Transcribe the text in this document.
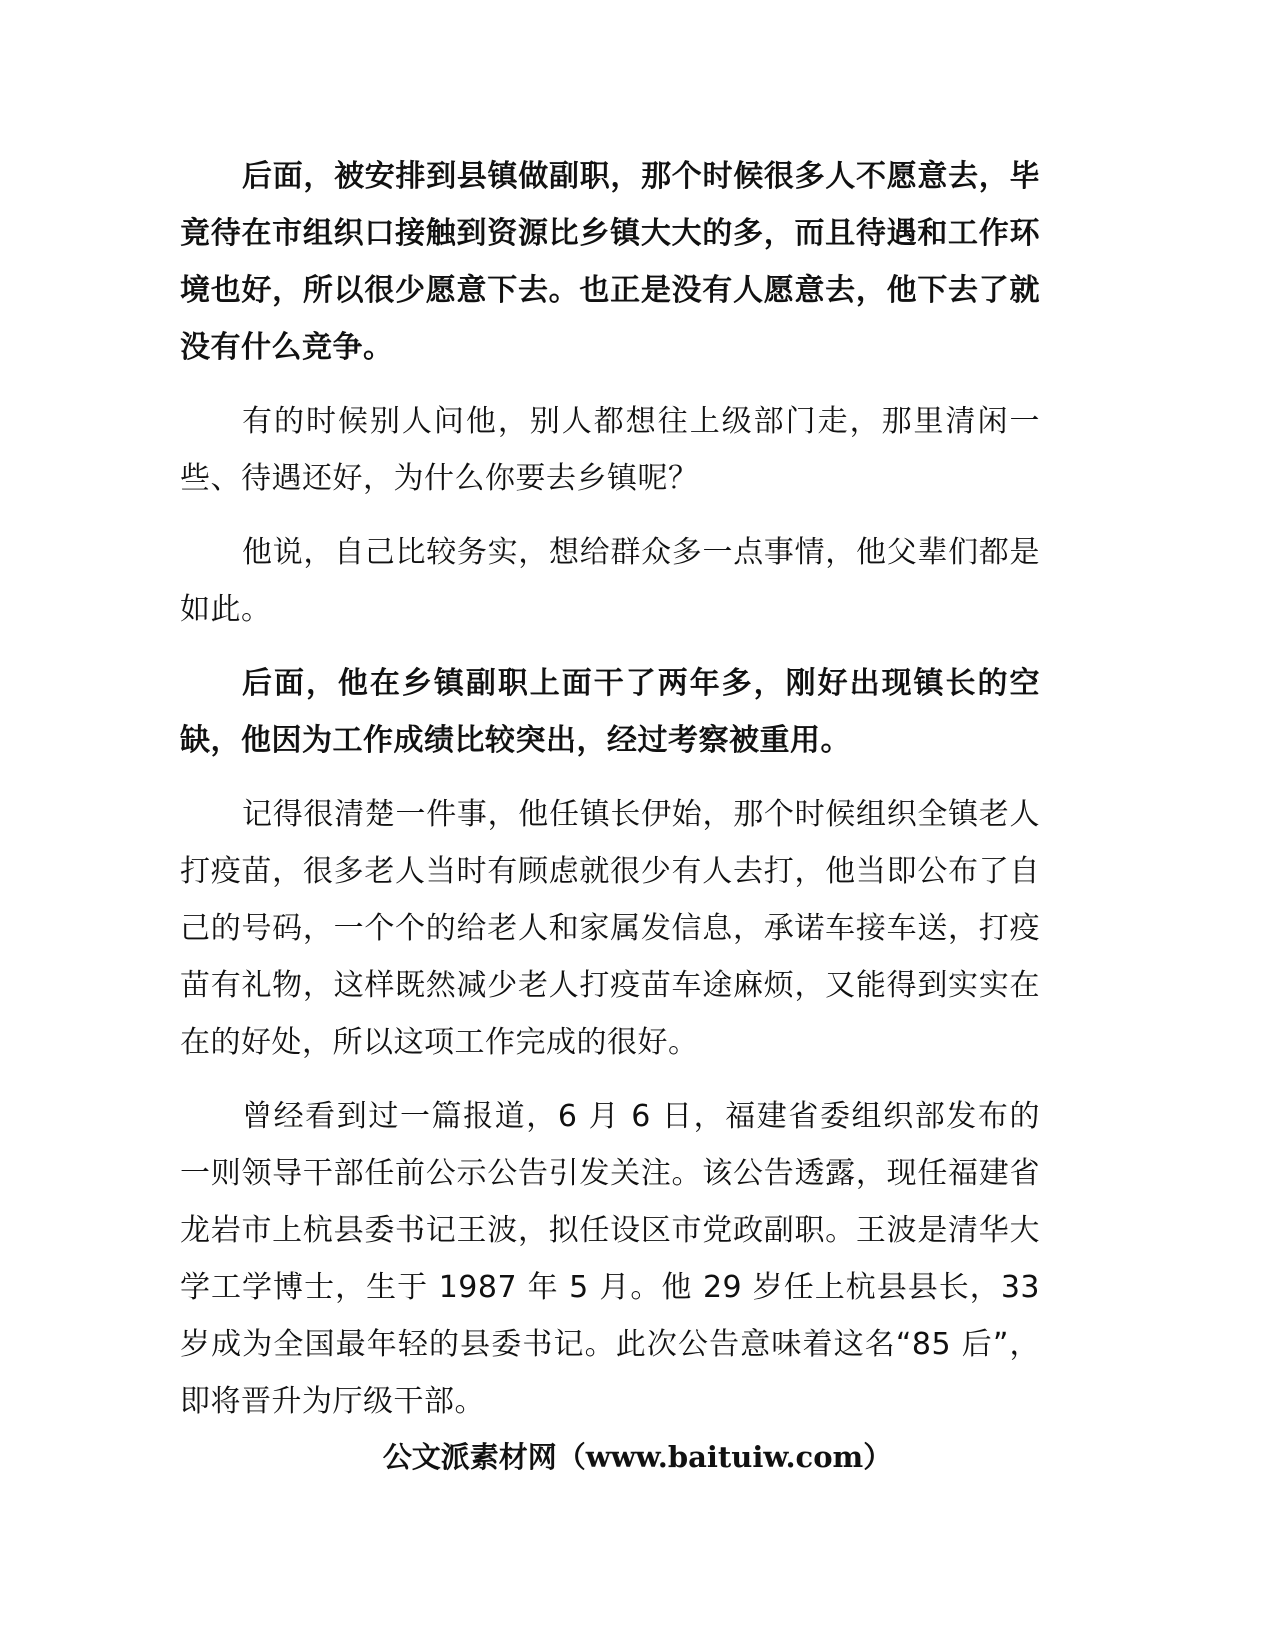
后面，被安排到县镇做副职，那个时候很多人不愿意去，毕竟待在市组织口接触到资源比乡镇大大的多，而且待遇和工作环境也好，所以很少愿意下去。也正是没有人愿意去，他下去了就没有什么竞争。

有的时候别人问他，别人都想往上级部门走，那里清闲一些、待遇还好，为什么你要去乡镇呢？

他说，自己比较务实，想给群众多一点事情，他父辈们都是如此。

后面，他在乡镇副职上面干了两年多，刚好出现镇长的空缺，他因为工作成绩比较突出，经过考察被重用。

记得很清楚一件事，他任镇长伊始，那个时候组织全镇老人打疫苗，很多老人当时有顾虑就很少有人去打，他当即公布了自己的号码，一个个的给老人和家属发信息，承诺车接车送，打疫苗有礼物，这样既然减少老人打疫苗车途麻烦，又能得到实实在在的好处，所以这项工作完成的很好。

曾经看到过一篇报道，6 月 6 日，福建省委组织部发布的一则领导干部任前公示公告引发关注。该公告透露，现任福建省龙岩市上杭县委书记王波，拟任设区市党政副职。王波是清华大学工学博士，生于 1987 年 5 月。他 29 岁任上杭县县长，33 岁成为全国最年轻的县委书记。此次公告意味着这名“85 后”，即将晋升为厅级干部。

公文派素材网（www.baituiw.com）
